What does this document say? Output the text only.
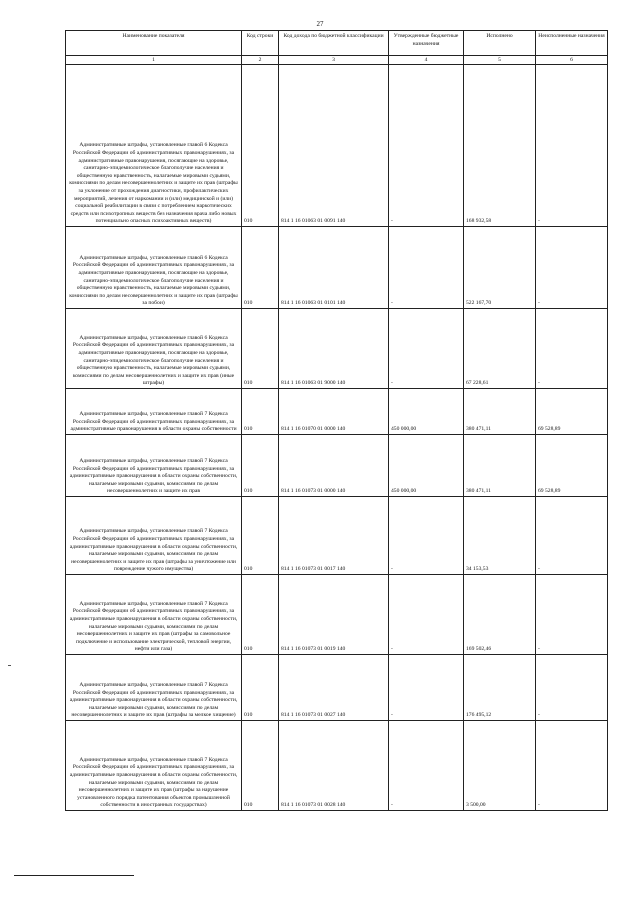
27
Наименование показателя	Код строки	Код дохода по бюджетной классификации	Утвержденные бюджетные назначения	Исполнено	Неисполненные назначения
1	2	3	4	5	6
Административные штрафы, установленные главой 6 Кодекса Российской Федерации об административных правонарушениях, за административные правонарушения, посягающие на здоровье, санитарно-эпидемиологическое благополучие населения и общественную нравственность, налагаемые мировыми судьями, комиссиями по делам несовершеннолетних и защите их прав (штрафы за уклонение от прохождения диагностики, профилактических мероприятий, лечения от наркомании и (или) медицинской и (или) социальной реабилитации в связи с потреблением наркотических средств или психотропных веществ без назначения врача либо новых потенциально опасных психоактивных веществ)	010	814 1 16 01063 01 0091 140	-	168 932,58	-
Административные штрафы, установленные главой 6 Кодекса Российской Федерации об административных правонарушениях, за административные правонарушения, посягающие на здоровье, санитарно-эпидемиологическое благополучие населения и общественную нравственность, налагаемые мировыми судьями, комиссиями по делам несовершеннолетних и защите их прав (штрафы за побои)	010	814 1 16 01063 01 0101 140	-	522 167,70	-
Административные штрафы, установленные главой 6 Кодекса Российской Федерации об административных правонарушениях, за административные правонарушения, посягающие на здоровье, санитарно-эпидемиологическое благополучие населения и общественную нравственность, налагаемые мировыми судьями, комиссиями по делам несовершеннолетних и защите их прав (иные штрафы)	010	814 1 16 01063 01 9000 140	-	67 228,61	-
Административные штрафы, установленные главой 7 Кодекса Российской Федерации об административных правонарушениях, за административные правонарушения в области охраны собственности	010	814 1 16 01070 01 0000 140	450 000,00	380 471,11	69 528,89
Административные штрафы, установленные главой 7 Кодекса Российской Федерации об административных правонарушениях, за административные правонарушения в области охраны собственности, налагаемые мировыми судьями, комиссиями по делам несовершеннолетних и защите их прав	010	814 1 16 01073 01 0000 140	450 000,00	380 471,11	69 528,89
Административные штрафы, установленные главой 7 Кодекса Российской Федерации об административных правонарушениях, за административные правонарушения в области охраны собственности, налагаемые мировыми судьями, комиссиями по делам несовершеннолетних и защите их прав (штрафы за уничтожение или повреждение чужого имущества)	010	814 1 16 01073 01 0017 140	-	34 153,53	-
Административные штрафы, установленные главой 7 Кодекса Российской Федерации об административных правонарушениях, за административные правонарушения в области охраны собственности, налагаемые мировыми судьями, комиссиями по делам несовершеннолетних и защите их прав (штрафы за самовольное подключение и использование электрической, тепловой энергии, нефти или газа)	010	814 1 16 01073 01 0019 140	-	169 502,46	-
Административные штрафы, установленные главой 7 Кодекса Российской Федерации об административных правонарушениях, за административные правонарушения в области охраны собственности, налагаемые мировыми судьями, комиссиями по делам несовершеннолетних и защите их прав (штрафы за мелкое хищение)	010	814 1 16 01073 01 0027 140	-	176 495,12	-
Административные штрафы, установленные главой 7 Кодекса Российской Федерации об административных правонарушениях, за административные правонарушения в области охраны собственности, налагаемые мировыми судьями, комиссиями по делам несовершеннолетних и защите их прав (штрафы за нарушение установленного порядка патентования объектов промышленной собственности в иностранных государствах)	010	814 1 16 01073 01 0028 140	-	3 500,00	-
